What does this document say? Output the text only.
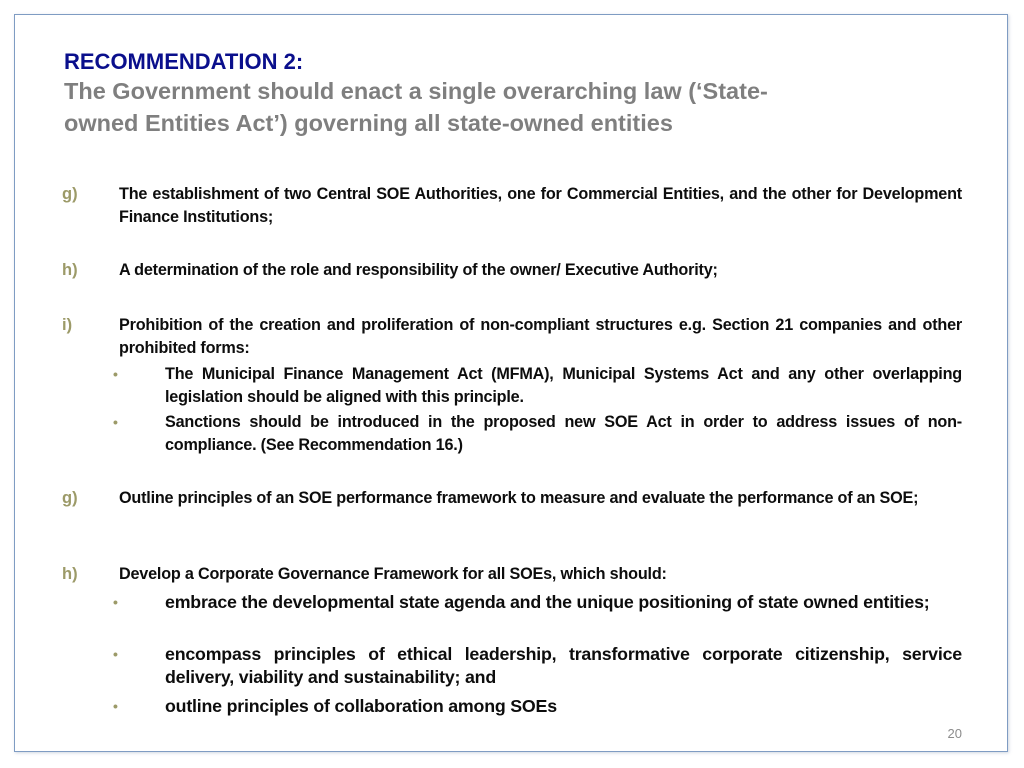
RECOMMENDATION 2:
The Government should enact a single overarching law (‘State-
owned Entities Act’) governing all state-owned entities
g)	The establishment of two Central SOE Authorities, one for Commercial Entities, and the other for Development Finance Institutions;
h)	A determination of the role and responsibility of the owner/ Executive Authority;
i)	Prohibition of the creation and proliferation of non-compliant structures e.g. Section 21 companies and other prohibited forms:
•	The Municipal Finance Management Act (MFMA), Municipal Systems Act and any other overlapping legislation should be aligned with this principle.
•	Sanctions should be introduced in the proposed new SOE Act in order to address issues of non-compliance. (See Recommendation 16.)
g)	Outline principles of an SOE performance framework to measure and evaluate the performance of an SOE;
h)	Develop a Corporate Governance Framework for all SOEs, which should:
•	embrace the developmental state agenda and the unique positioning of state owned entities;
•	encompass principles of ethical leadership, transformative corporate citizenship, service delivery, viability and sustainability; and
•	outline principles of collaboration among SOEs
20
